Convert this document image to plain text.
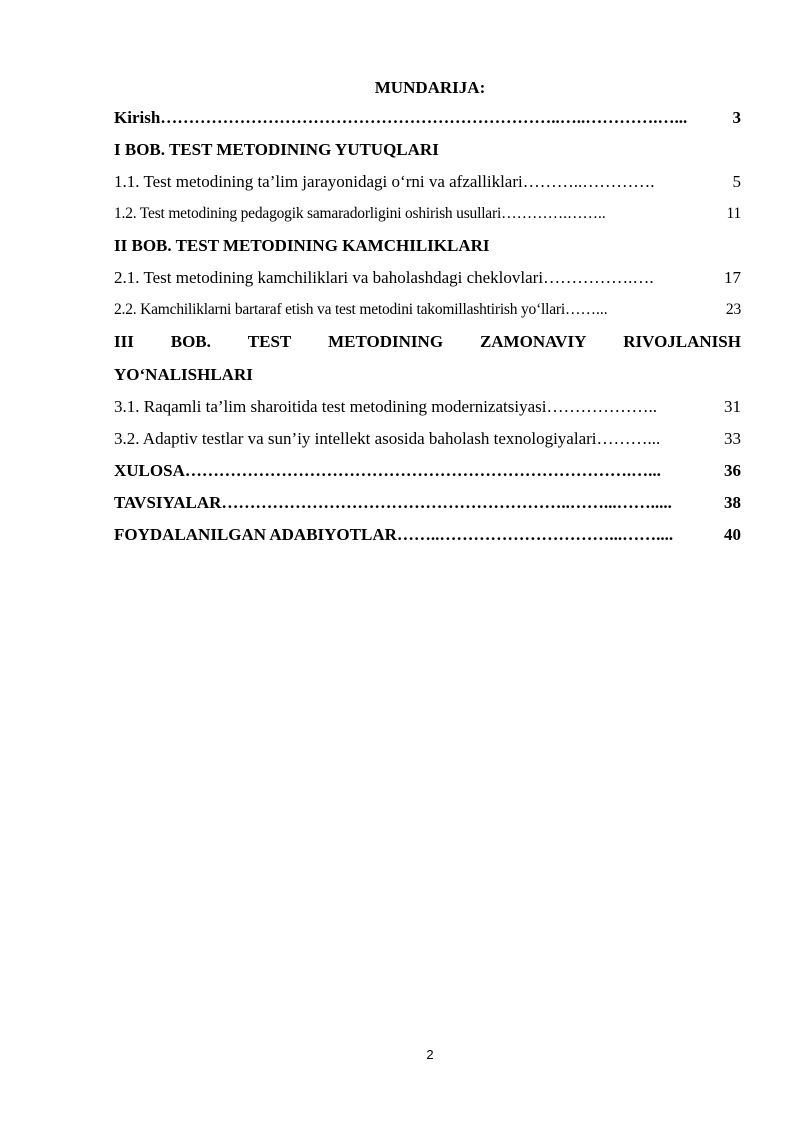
MUNDARIJA:
Kirish ……………………………………………………………..…..………….…...	3
I BOB. TEST METODINING YUTUQLARI
1.1. Test metodining ta’lim jarayonidagi o‘rni va afzalliklari ………..………….	5
1.2. Test metodining pedagogik samaradorligini oshirish usullari ………….……..	11
II BOB. TEST METODINING KAMCHILIKLARI
2.1. Test metodining kamchiliklari va baholashdagi cheklovlari …………….….	17
2.2. Kamchiliklarni bartaraf etish va test metodini takomillashtirish yo‘llari ……...	23
III BOB. TEST METODINING ZAMONAVIY RIVOJLANISH
YO‘NALISHLARI
3.1. Raqamli ta’lim sharoitida test metodining modernizatsiyasi ………………..	31
3.2. Adaptiv testlar va sun’iy intellekt asosida baholash texnologiyalari ………...	33
XULOSA …………………………………………………………………….…...	36
TAVSIYALAR ……………………………………………………..……...…….....	38
FOYDALANILGAN ADABIYOTLAR ……..…………………………...……....	40
2
